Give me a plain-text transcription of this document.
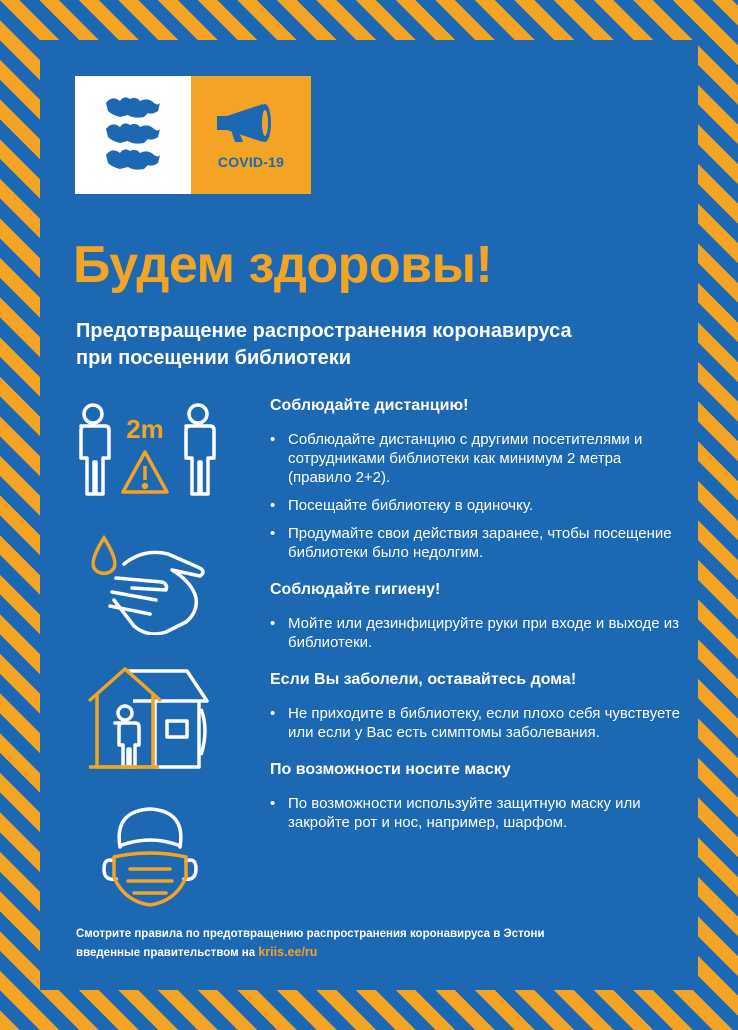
COVID-19
Будем здоровы!

Предотвращение распространения коронавируса
при посещении библиотеки

2m
Соблюдайте дистанцию!
• Соблюдайте дистанцию с другими посетителями и сотрудниками библиотеки как минимум 2 метра (правило 2+2).
• Посещайте библиотеку в одиночку.
• Продумайте свои действия заранее, чтобы посещение библиотеки было недолгим.
Соблюдайте гигиену!
• Мойте или дезинфицируйте руки при входе и выходе из библиотеки.
Если Вы заболели, оставайтесь дома!
• Не приходите в библиотеку, если плохо себя чувствуете или если у Вас есть симптомы заболевания.
По возможности носите маску
• По возможности используйте защитную маску или закройте рот и нос, например, шарфом.
Смотрите правила по предотвращению распространения коронавируса в Эстони
введенные правительством на kriis.ee/ru
